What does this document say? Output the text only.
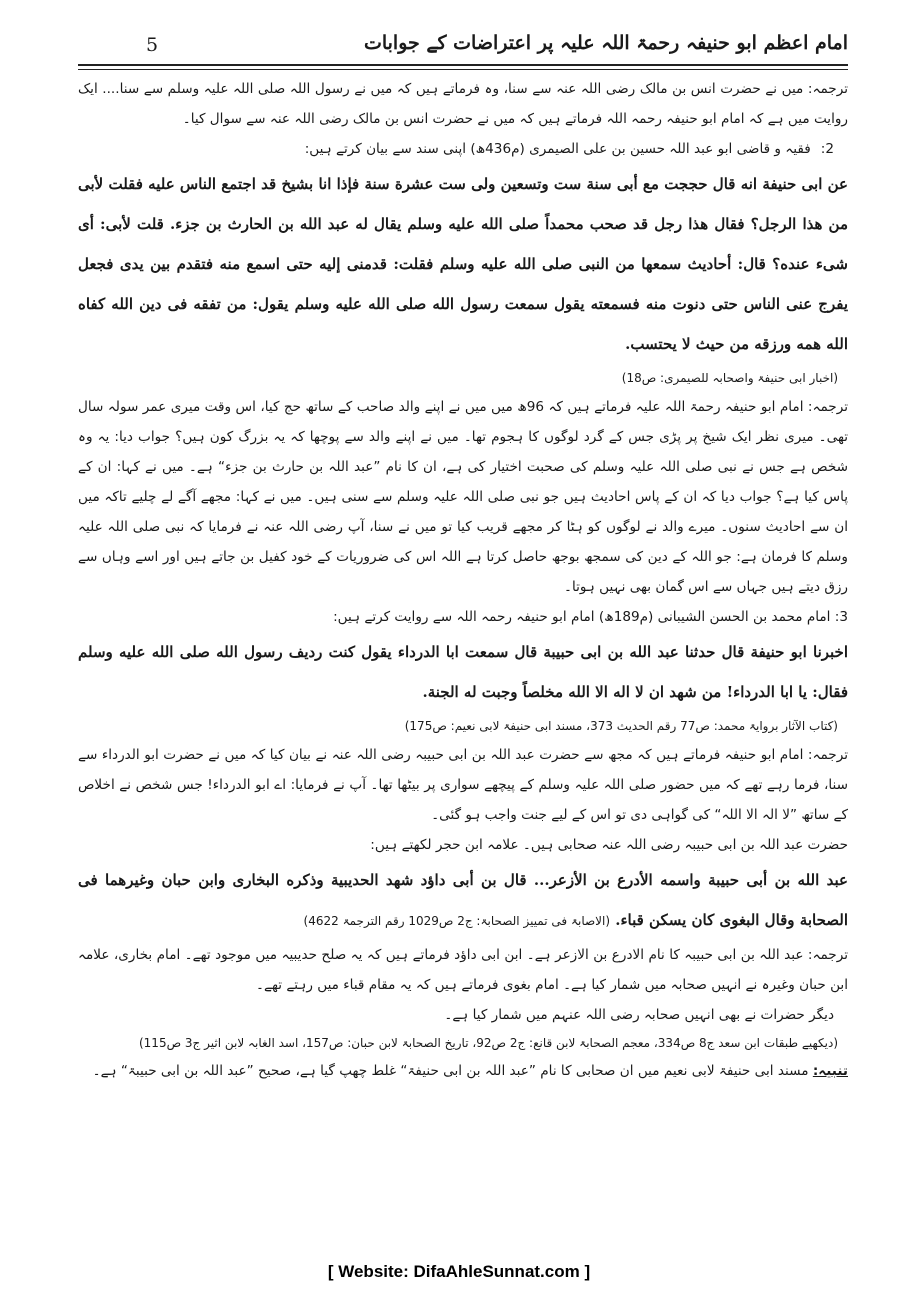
امام اعظم ابو حنیفہ رحمۃ اللہ علیہ پر اعتراضات کے جوابات
5

ترجمہ: میں نے حضرت انس بن مالک رضی اللہ عنہ سے سنا، وہ فرماتے ہیں کہ میں نے رسول اللہ صلی اللہ علیہ وسلم سے سنا.... ایک روایت میں ہے کہ امام ابو حنیفہ رحمہ اللہ فرماتے ہیں کہ میں نے حضرت انس بن مالک رضی اللہ عنہ سے سوال کیا۔

2:فقیہ و قاضی ابو عبد اللہ حسین بن علی الصیمری (م436ھ) اپنی سند سے بیان کرتے ہیں:

عن ابی حنیفة انه قال حججت مع أبی سنة ست وتسعین ولی ست عشرة سنة فإذا انا بشیخ قد اجتمع الناس علیه فقلت لأبی من هذا الرجل؟ فقال هذا رجل قد صحب محمداً صلی الله علیه وسلم یقال له عبد الله بن الحارث بن جزء. قلت لأبی: أی شیء عنده؟ قال: أحادیث سمعها من النبی صلی الله علیه وسلم فقلت: قدمنی إلیه حتی اسمع منه فتقدم بین یدی فجعل یفرج عنی الناس حتی دنوت منه فسمعته یقول سمعت رسول الله صلی الله علیه وسلم یقول: من تفقه فی دین الله کفاه الله همه ورزقه من حیث لا یحتسب.

(اخبار ابی حنیفۃ واصحابہ للصیمری: ص18)

ترجمہ: امام ابو حنیفہ رحمۃ اللہ علیہ فرماتے ہیں کہ 96ھ میں میں نے اپنے والد صاحب کے ساتھ حج کیا، اس وقت میری عمر سولہ سال تھی۔ میری نظر ایک شیخ پر پڑی جس کے گرد لوگوں کا ہجوم تھا۔ میں نے اپنے والد سے پوچھا کہ یہ بزرگ کون ہیں؟ جواب دیا: یہ وہ شخص ہے جس نے نبی صلی اللہ علیہ وسلم کی صحبت اختیار کی ہے، ان کا نام ”عبد اللہ بن حارث بن جزء“ ہے۔ میں نے کہا: ان کے پاس کیا ہے؟ جواب دیا کہ ان کے پاس احادیث ہیں جو نبی صلی اللہ علیہ وسلم سے سنی ہیں۔ میں نے کہا: مجھے آگے لے چلیے تاکہ میں ان سے احادیث سنوں۔ میرے والد نے لوگوں کو ہٹا کر مجھے قریب کیا تو میں نے سنا، آپ رضی اللہ عنہ نے فرمایا کہ نبی صلی اللہ علیہ وسلم کا فرمان ہے: جو اللہ کے دین کی سمجھ بوجھ حاصل کرتا ہے اللہ اس کی ضروریات کے خود کفیل بن جاتے ہیں اور اسے وہاں سے رزق دیتے ہیں جہاں سے اس گمان بھی نہیں ہوتا۔

3: امام محمد بن الحسن الشیبانی (م189ھ) امام ابو حنیفہ رحمہ اللہ سے روایت کرتے ہیں:

اخبرنا ابو حنیفة قال حدثنا عبد الله بن ابی حبیبة قال سمعت ابا الدرداء یقول کنت ردیف رسول الله صلی الله علیه وسلم فقال: یا ابا الدرداء! من شهد ان لا اله الا الله مخلصاً وجبت له الجنة.

(کتاب الآثار بروایۃ محمد: ص77 رقم الحدیث 373، مسند ابی حنیفۃ لابی نعیم: ص175)

ترجمہ: امام ابو حنیفہ فرماتے ہیں کہ مجھ سے حضرت عبد اللہ بن ابی حبیبہ رضی اللہ عنہ نے بیان کیا کہ میں نے حضرت ابو الدرداء سے سنا، فرما رہے تھے کہ میں حضور صلی اللہ علیہ وسلم کے پیچھے سواری پر بیٹھا تھا۔ آپ نے فرمایا: اے ابو الدرداء! جس شخص نے اخلاص کے ساتھ ”لا الہ الا اللہ“ کی گواہی دی تو اس کے لیے جنت واجب ہو گئی۔

حضرت عبد اللہ بن ابی حبیبہ رضی اللہ عنہ صحابی ہیں۔ علامہ ابن حجر لکھتے ہیں:

عبد الله بن أبی حبیبة واسمه الأدرع بن الأزعر... قال بن أبی داؤد شهد الحدیبیة وذکره البخاری وابن حبان وغیرهما فی الصحابة وقال البغوی کان یسکن قباء. (الاصابۃ فی تمییز الصحابۃ: ج2 ص1029 رقم الترجمۃ 4622)

ترجمہ: عبد اللہ بن ابی حبیبہ کا نام الادرع بن الازعر ہے۔ ابن ابی داؤد فرماتے ہیں کہ یہ صلح حدیبیہ میں موجود تھے۔ امام بخاری، علامہ ابن حبان وغیرہ نے انہیں صحابہ میں شمار کیا ہے۔ امام بغوی فرماتے ہیں کہ یہ مقام قباء میں رہتے تھے۔

دیگر حضرات نے بھی انہیں صحابہ رضی اللہ عنہم میں شمار کیا ہے۔

(دیکھیے طبقات ابن سعد ج8 ص334، معجم الصحابۃ لابن قانع: ج2 ص92، تاریخ الصحابۃ لابن حبان: ص157، اسد الغابہ لابن اثیر ج3 ص115)

تنبیہ: مسند ابی حنیفۃ لابی نعیم میں ان صحابی کا نام ”عبد اللہ بن ابی حنیفۃ“ غلط چھپ گیا ہے، صحیح ”عبد اللہ بن ابی حبیبۃ“ ہے۔

[ Website: DifaAhleSunnat.com ]
